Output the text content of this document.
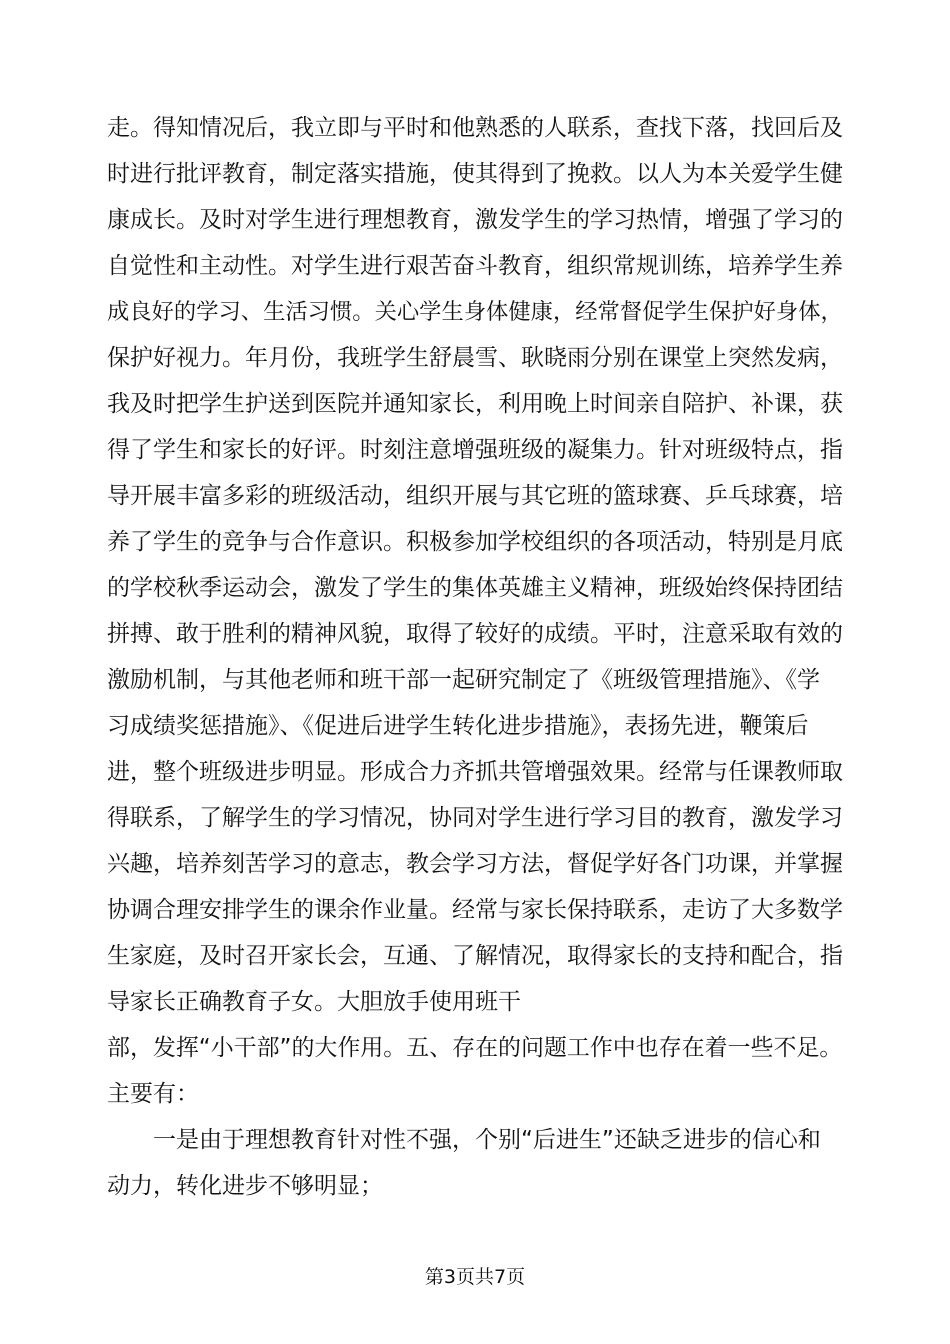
走。得知情况后，我立即与平时和他熟悉的人联系，查找下落，找回后及
时进行批评教育，制定落实措施，使其得到了挽救。以人为本关爱学生健
康成长。及时对学生进行理想教育，激发学生的学习热情，增强了学习的
自觉性和主动性。对学生进行艰苦奋斗教育，组织常规训练，培养学生养
成良好的学习、生活习惯。关心学生身体健康，经常督促学生保护好身体，
保护好视力。年月份，我班学生舒晨雪、耿晓雨分别在课堂上突然发病，
我及时把学生护送到医院并通知家长，利用晚上时间亲自陪护、补课，获
得了学生和家长的好评。时刻注意增强班级的凝集力。针对班级特点，指
导开展丰富多彩的班级活动，组织开展与其它班的篮球赛、乒乓球赛，培
养了学生的竞争与合作意识。积极参加学校组织的各项活动，特别是月底
的学校秋季运动会，激发了学生的集体英雄主义精神，班级始终保持团结
拼搏、敢于胜利的精神风貌，取得了较好的成绩。平时，注意采取有效的
激励机制，与其他老师和班干部一起研究制定了《班级管理措施》、《学
习成绩奖惩措施》、《促进后进学生转化进步措施》，表扬先进，鞭策后
进，整个班级进步明显。形成合力齐抓共管增强效果。经常与任课教师取
得联系，了解学生的学习情况，协同对学生进行学习目的教育，激发学习
兴趣，培养刻苦学习的意志，教会学习方法，督促学好各门功课，并掌握
协调合理安排学生的课余作业量。经常与家长保持联系，走访了大多数学
生家庭，及时召开家长会，互通、了解情况，取得家长的支持和配合，指
导家长正确教育子女。大胆放手使用班干
部，发挥“小干部”的大作用。五、存在的问题工作中也存在着一些不足。
主要有：
一是由于理想教育针对性不强，个别“后进生”还缺乏进步的信心和
动力，转化进步不够明显；
第3页共7页
